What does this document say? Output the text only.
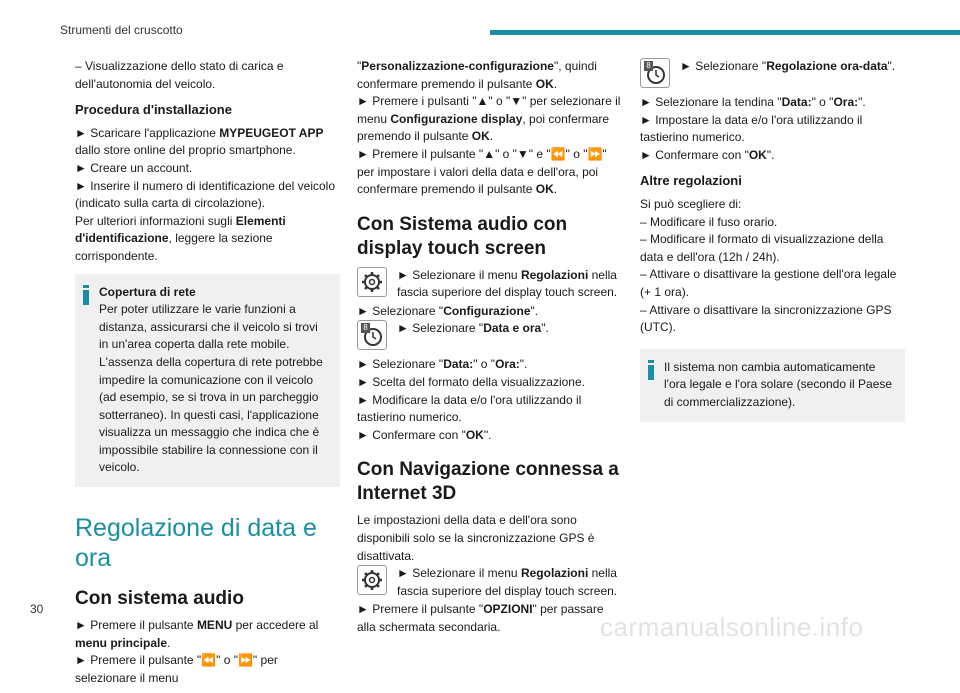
Strumenti del cruscotto

– Visualizzazione dello stato di carica e dell'autonomia del veicolo.

Procedura d'installazione

► Scaricare l'applicazione MYPEUGEOT APP dallo store online del proprio smartphone.

► Creare un account.

► Inserire il numero di identificazione del veicolo (indicato sulla carta di circolazione).

Per ulteriori informazioni sugli Elementi d'identificazione, leggere la sezione corrispondente.

Copertura di rete
Per poter utilizzare le varie funzioni a distanza, assicurarsi che il veicolo si trovi in un'area coperta dalla rete mobile.
L'assenza della copertura di rete potrebbe impedire la comunicazione con il veicolo (ad esempio, se si trova in un parcheggio sotterraneo). In questi casi, l'applicazione visualizza un messaggio che indica che è impossibile stabilire la connessione con il veicolo.
Regolazione di data e ora
Con sistema audio

► Premere il pulsante MENU per accedere al menu principale.

► Premere il pulsante "⏪" o "⏩" per selezionare il menu

"Personalizzazione-configurazione", quindi confermare premendo il pulsante OK.

► Premere i pulsanti "▲" o "▼" per selezionare il menu Configurazione display, poi confermare premendo il pulsante OK.

► Premere il pulsante "▲" o "▼" e "⏪" o "⏩" per impostare i valori della data e dell'ora, poi confermare premendo il pulsante OK.

Con Sistema audio con display touch screen
► Selezionare il menu Regolazioni nella fascia superiore del display touch screen.

► Selezionare "Configurazione".

8 ► Selezionare "Data e ora".

► Selezionare "Data:" o "Ora:".

► Scelta del formato della visualizzazione.

► Modificare la data e/o l'ora utilizzando il tastierino numerico.

► Confermare con "OK".

Con Navigazione connessa a Internet 3D

Le impostazioni della data e dell'ora sono disponibili solo se la sincronizzazione GPS è disattivata.

► Selezionare il menu Regolazioni nella fascia superiore del display touch screen.

► Premere il pulsante "OPZIONI" per passare alla schermata secondaria.

8 ► Selezionare "Regolazione ora-data".

► Selezionare la tendina "Data:" o "Ora:".

► Impostare la data e/o l'ora utilizzando il tastierino numerico.

► Confermare con "OK".

Altre regolazioni

Si può scegliere di:

– Modificare il fuso orario.

– Modificare il formato di visualizzazione della data e dell'ora (12h / 24h).

– Attivare o disattivare la gestione dell'ora legale (+ 1 ora).

– Attivare o disattivare la sincronizzazione GPS (UTC).

Il sistema non cambia automaticamente l'ora legale e l'ora solare (secondo il Paese di commercializzazione).
30
carmanualsonline.info
